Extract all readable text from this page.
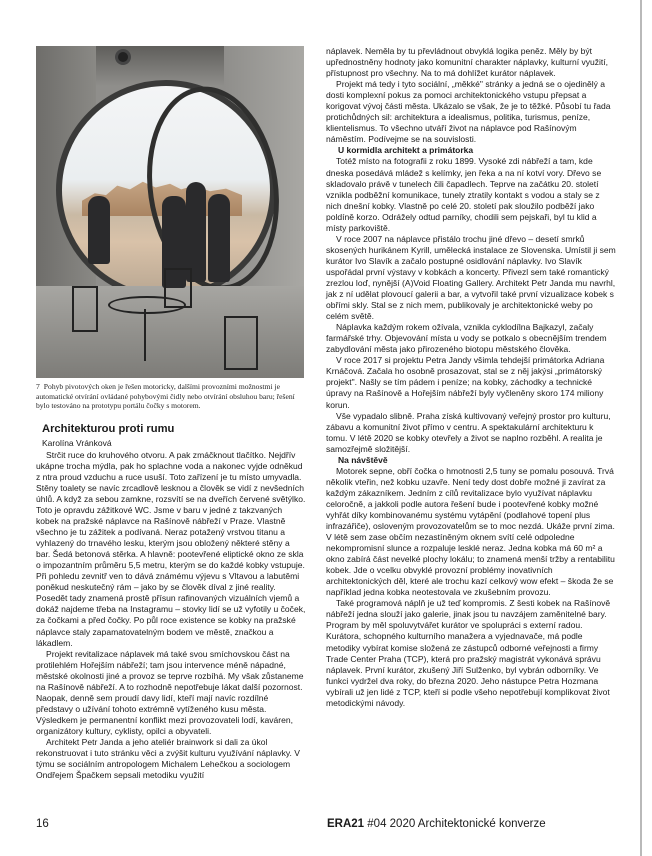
7 Pohyb pivotových oken je řešen motoricky, dalšími provozními možnostmi je automatické otvírání ovládané pohybovými čidly nebo otvírání obsluhou baru; řešení bylo testováno na prototypu portálu čočky s motorem.
Architekturou proti rumu
Karolína Vránková

Strčit ruce do kruhového otvoru. A pak zmáčknout tlačítko. Nejdřív ukápne trocha mýdla, pak ho splachne voda a nakonec vyjde odněkud z ntra proud vzduchu a ruce usuší. Toto zařízení je tu místo umyvadla. Stěny toalety se navíc zrcadlově lesknou a člověk se vidí z nevšedních úhlů. A když za sebou zamkne, rozsvítí se na dveřích červené světýlko. Toto je opravdu zážitkové WC. Jsme v baru v jedné z takzvaných kobek na pražské náplavce na Rašínově nábřeží v Praze. Vlastně všechno je tu zážitek a podívaná. Neraz potažený vrstvou titanu a vyhlazený do trnavého lesku, kterým jsou obložený některé stěny a bar. Šedá betonová stěrka. A hlavně: pootevřené eliptické okno ze skla o impozantním průměru 5,5 metru, kterým se do každé kobky vstupuje. Při pohledu zevnitř ven to dává známému výjevu s Vltavou a labutěmi poněkud neskutečný rám – jako by se člověk díval z jiné reality. Posedět tady znamená prostě přísun rafinovaných vizuálních vjemů a dokáž najdeme třeba na Instagramu – stovky lidí se už vyfotily u čoček, za čočkami a před čočky. Po půl roce existence se kobky na pražské náplavce staly zapamatovatelným bodem ve městě, značkou a lákadlem.

Projekt revitalizace náplavek má také svou smíchovskou část na protilehlém Hořejším nábřeží; tam jsou intervence méně nápadné, městské okolnosti jiné a provoz se teprve rozbíhá. My však zůstaneme na Rašínově nábřeží. A to rozhodně nepotřebuje lákat další pozornost. Naopak, denně sem proudí davy lidí, kteří mají navíc rozdílné představy o užívání tohoto extrémně vytíženého kusu města. Výsledkem je permanentní konflikt mezi provozovateli lodí, kaváren, organizátory kultury, cyklisty, opilci a obyvateli.

Architekt Petr Janda a jeho ateliér brainwork si dali za úkol rekonstruovat i tuto stránku věci a zvýšit kulturu využívání náplavky. V týmu se sociálním antropologem Michalem Lehečkou a sociologem Ondřejem Špačkem sepsali metodiku využití

náplavek. Neměla by tu převládnout obvyklá logika peněz. Měly by být upřednostněny hodnoty jako komunitní charakter náplavky, kulturní využití, přístupnost pro všechny. Na to má dohlížet kurátor náplavek.

Projekt má tedy i tyto sociální, „měkké" stránky a jedná se o ojedinělý a dosti komplexní pokus za pomoci architektonického vstupu přepsat a korigovat vývoj části města. Ukázalo se však, že je to těžké. Působí tu řada protichůdných sil: architektura a idealismus, politika, turismus, peníze, klientelismus. To všechno utváří život na náplavce pod Rašínovým náměstím. Podívejme se na souvislosti.

U kormidla architekt a primátorka

Totéž místo na fotografii z roku 1899. Vysoké zdi nábřeží a tam, kde dneska posedává mládež s kelímky, jen řeka a na ní kotví vory. Dřevo se skladovalo právě v tunelech čili čapadlech. Teprve na začátku 20. století vznikla podběžní komunikace, tunely ztratily kontakt s vodou a staly se z nich dnešní kobky. Vlastně po celé 20. století pak sloužilo podběží jako poldíně korzo. Odrážely odtud parníky, chodili sem pejskaři, byl tu klid a místy parkoviště.

V roce 2007 na náplavce přistálo trochu jiné dřevo – desetí smrků skosených hurikánem Kyrill, umělecká instalace ze Slovenska. Umístil ji sem kurátor Ivo Slavík a začalo postupné osidlování náplavky. Ivo Slavík uspořádal první výstavy v kobkách a koncerty. Přivezl sem také romantický zrezlou loď, nynější (A)Void Floating Gallery. Architekt Petr Janda mu navrhl, jak z ní udělat plovoucí galerii a bar, a vytvořil také první vizualizace kobek s obřími skly. Stal se z nich mem, publikovaly je architektonické weby po celém světě.

Náplavka každým rokem ožívala, vznikla cyklodílna Bajkazyl, začaly farmářské trhy. Objevování místa u vody se potkalo s obecnějším trendem zabydlování města jako přirozeného biotopu městského člověka.

V roce 2017 si projektu Petra Jandy všimla tehdejší primátorka Adriana Krnáčová. Začala ho osobně prosazovat, stal se z něj jakýsi „primátorský projekt". Našly se tím pádem i peníze; na kobky, záchodky a technické úpravy na Rašínově a Hořejším nábřeží byly vyčleněny skoro 174 miliony korun.

Vše vypadalo slibně. Praha získá kultivovaný veřejný prostor pro kulturu, zábavu a komunitní život přímo v centru. A spektakulární architekturu k tomu. V létě 2020 se kobky otevřely a život se naplno rozběhl. A realita je samozřejmě složitější.

Na návštěvě

Motorek sepne, obří čočka o hmotnosti 2,5 tuny se pomalu posouvá. Trvá několik vteřin, než kobku uzavře. Není tedy dost dobře možné ji zavírat za každým zákazníkem. Jedním z cílů revitalizace bylo využívat náplavku celoročně, a jakkoli podle autora řešení bude i pootevřené kobky možné vyhřát díky kombinovanému systému vytápění (podlahové topení plus infrazářiče), osloveným provozovatelům se to moc nezdá. Ukáže první zima. V létě sem zase občím nezastíněným oknem svítí celé odpoledne nekompromisní slunce a rozpaluje lesklé neraz. Jedna kobka má 60 m² a okno zabírá část nevelké plochy lokálu; to znamená menší tržby a rentabilitu kobek. Jde o vcelku obvyklé provozní problémy inovativních architektonických děl, které ale trochu kazí celkový wow efekt – škoda že se například jedna kobka neotestovala ve zkušebním provozu.

Také programová náplň je už teď kompromis. Z šesti kobek na Rašínově nábřeží jedna slouží jako galerie, jinak jsou tu navzájem zaměnitelné bary. Program by měl spoluvytvářet kurátor ve spolupráci s externí radou. Kurátora, schopného kulturního manažera a vyjednavače, má podle metodiky vybírat komise složená ze zástupců odborné veřejnosti a firmy Trade Center Praha (TCP), která pro pražský magistrát vykonává správu náplavek. První kurátor, zkušený Jiří Sulženko, byl vybrán odborníky. Ve funkci vydržel dva roky, do března 2020. Jeho nástupce Petra Hozmana vybírali už jen lidé z TCP, kteří si podle všeho nepotřebují komplikovat život metodickými návody.

16	ERA21 #04 2020 Architektonické konverze
